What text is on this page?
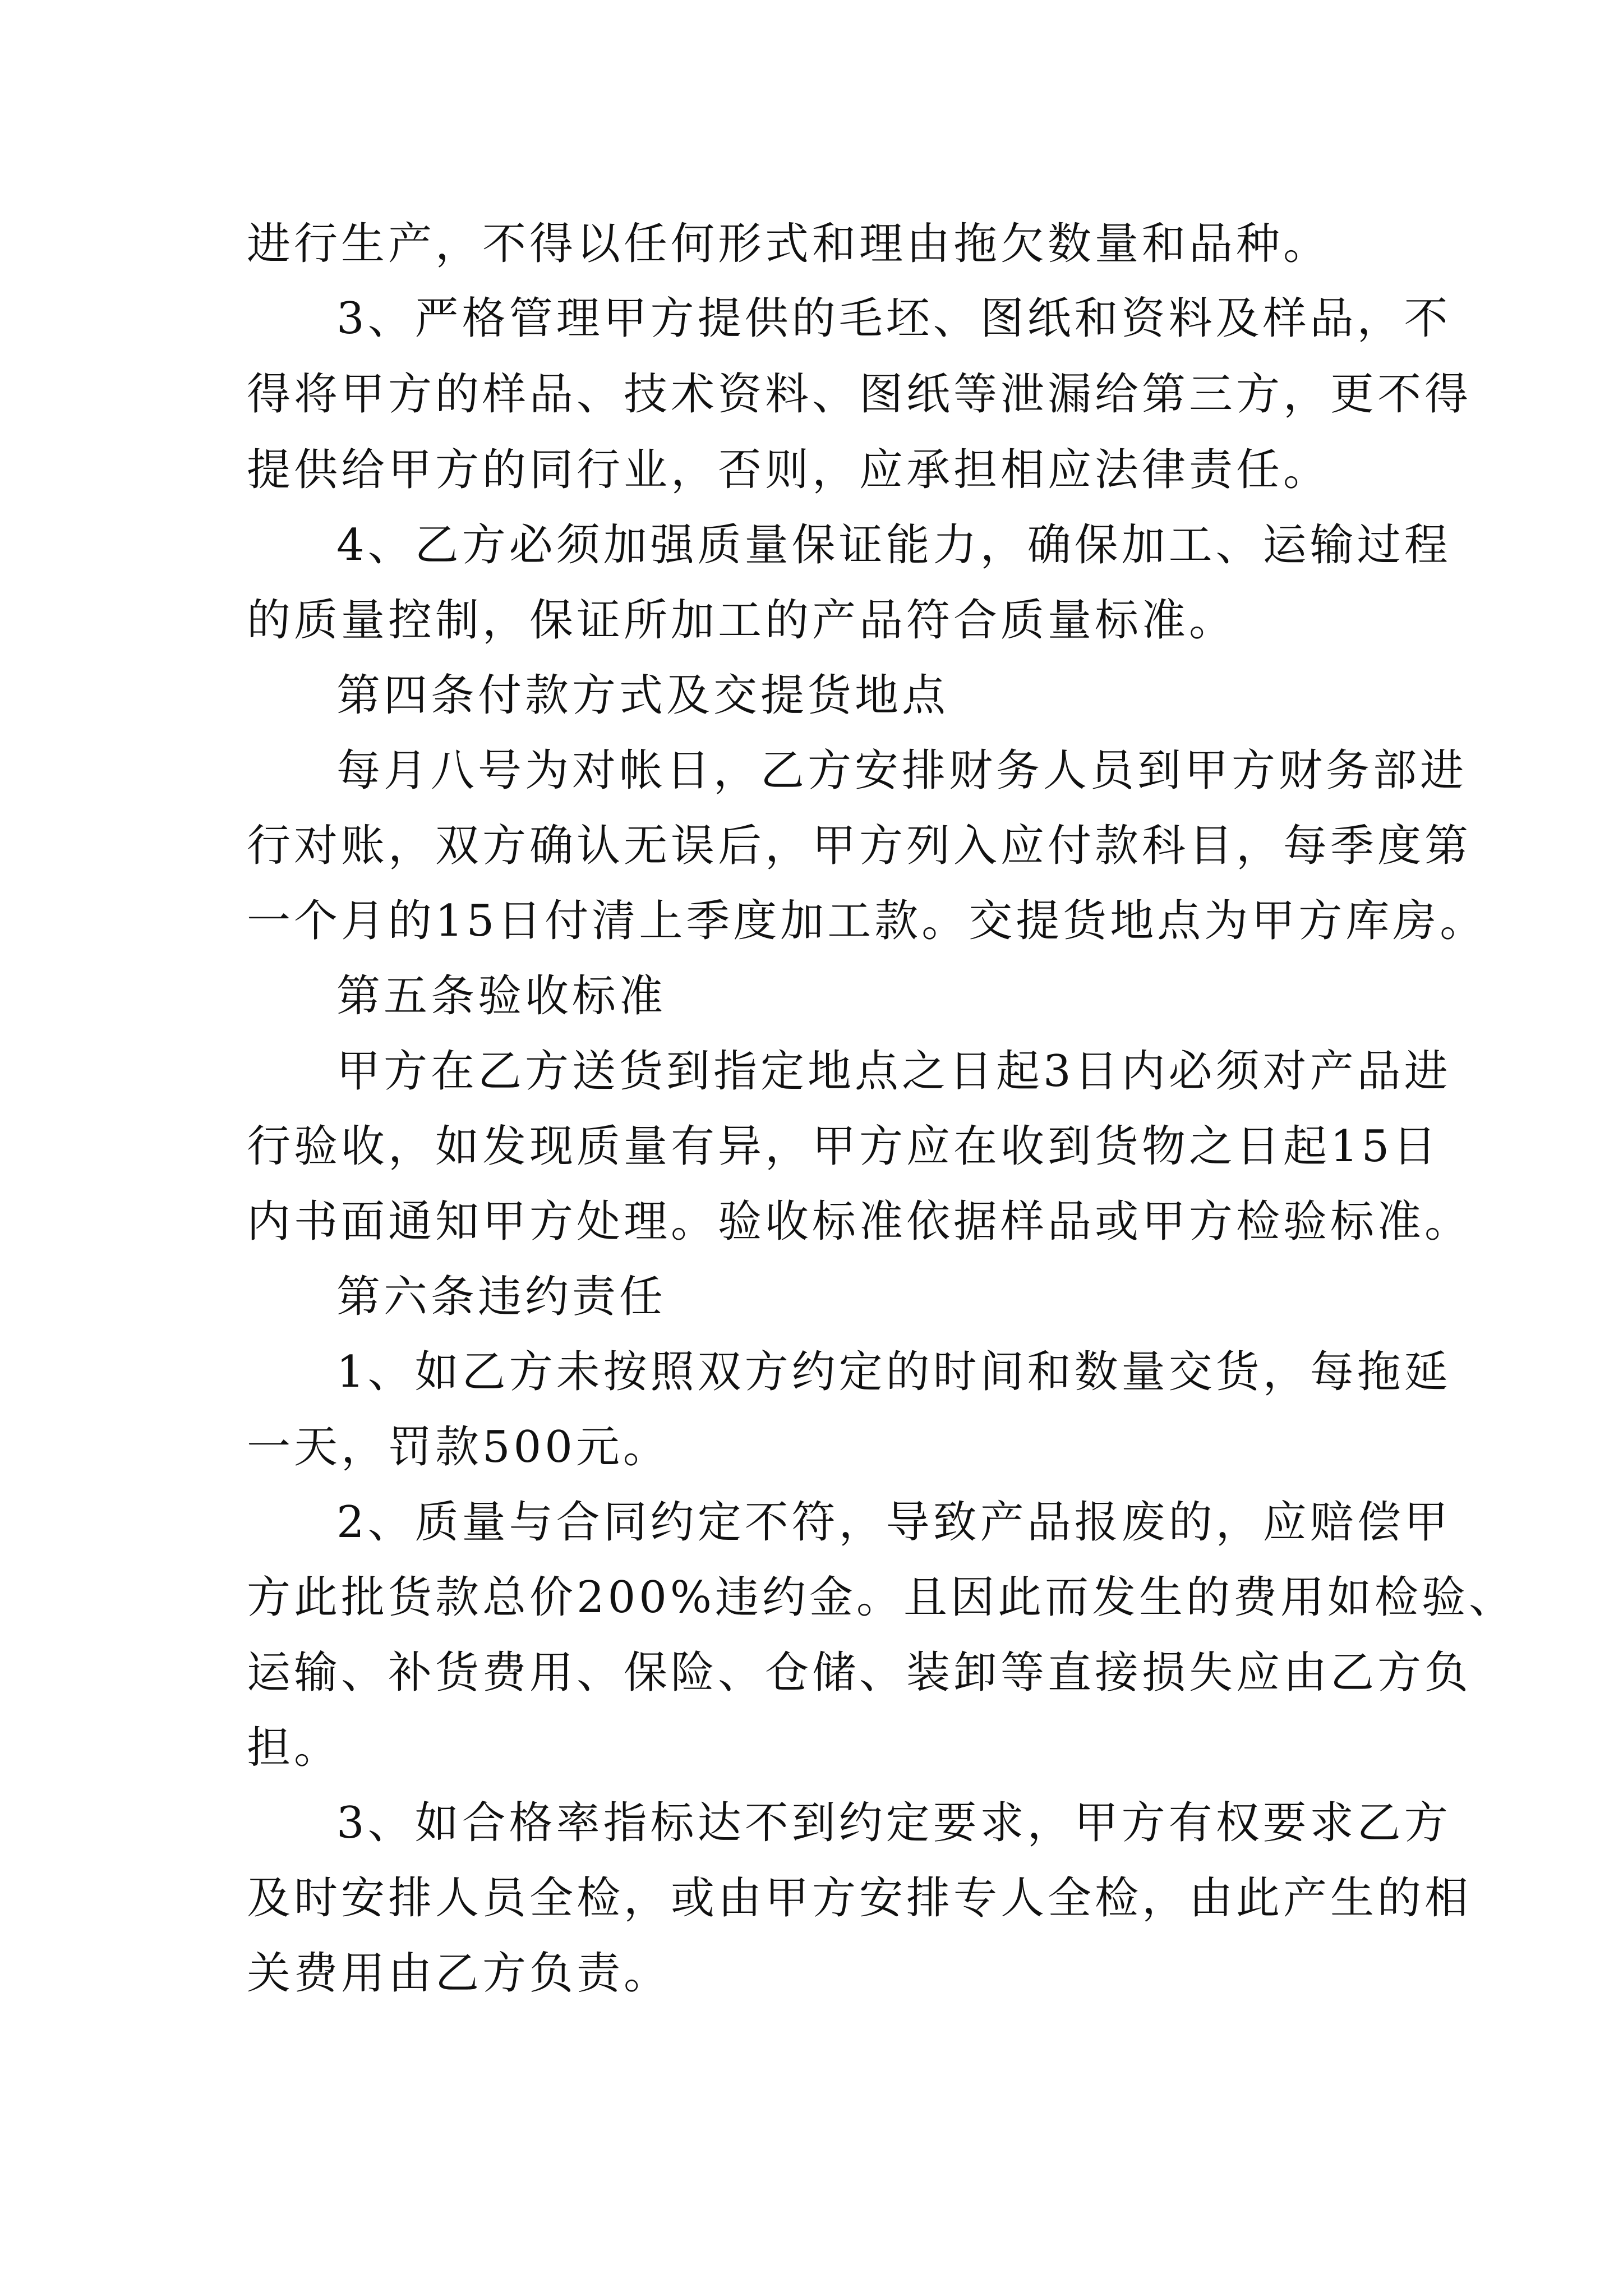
进行生产，不得以任何形式和理由拖欠数量和品种。
3、严格管理甲方提供的毛坯、图纸和资料及样品，不
得将甲方的样品、技术资料、图纸等泄漏给第三方，更不得
提供给甲方的同行业，否则，应承担相应法律责任。
4、乙方必须加强质量保证能力，确保加工、运输过程
的质量控制，保证所加工的产品符合质量标准。
第四条付款方式及交提货地点
每月八号为对帐日，乙方安排财务人员到甲方财务部进
行对账，双方确认无误后，甲方列入应付款科目，每季度第
一个月的15日付清上季度加工款。交提货地点为甲方库房。
第五条验收标准
甲方在乙方送货到指定地点之日起3日内必须对产品进
行验收，如发现质量有异，甲方应在收到货物之日起15日
内书面通知甲方处理。验收标准依据样品或甲方检验标准。
第六条违约责任
1、如乙方未按照双方约定的时间和数量交货，每拖延
一天，罚款500元。
2、质量与合同约定不符，导致产品报废的，应赔偿甲
方此批货款总价200%违约金。且因此而发生的费用如检验、
运输、补货费用、保险、仓储、装卸等直接损失应由乙方负
担。
3、如合格率指标达不到约定要求，甲方有权要求乙方
及时安排人员全检，或由甲方安排专人全检，由此产生的相
关费用由乙方负责。
